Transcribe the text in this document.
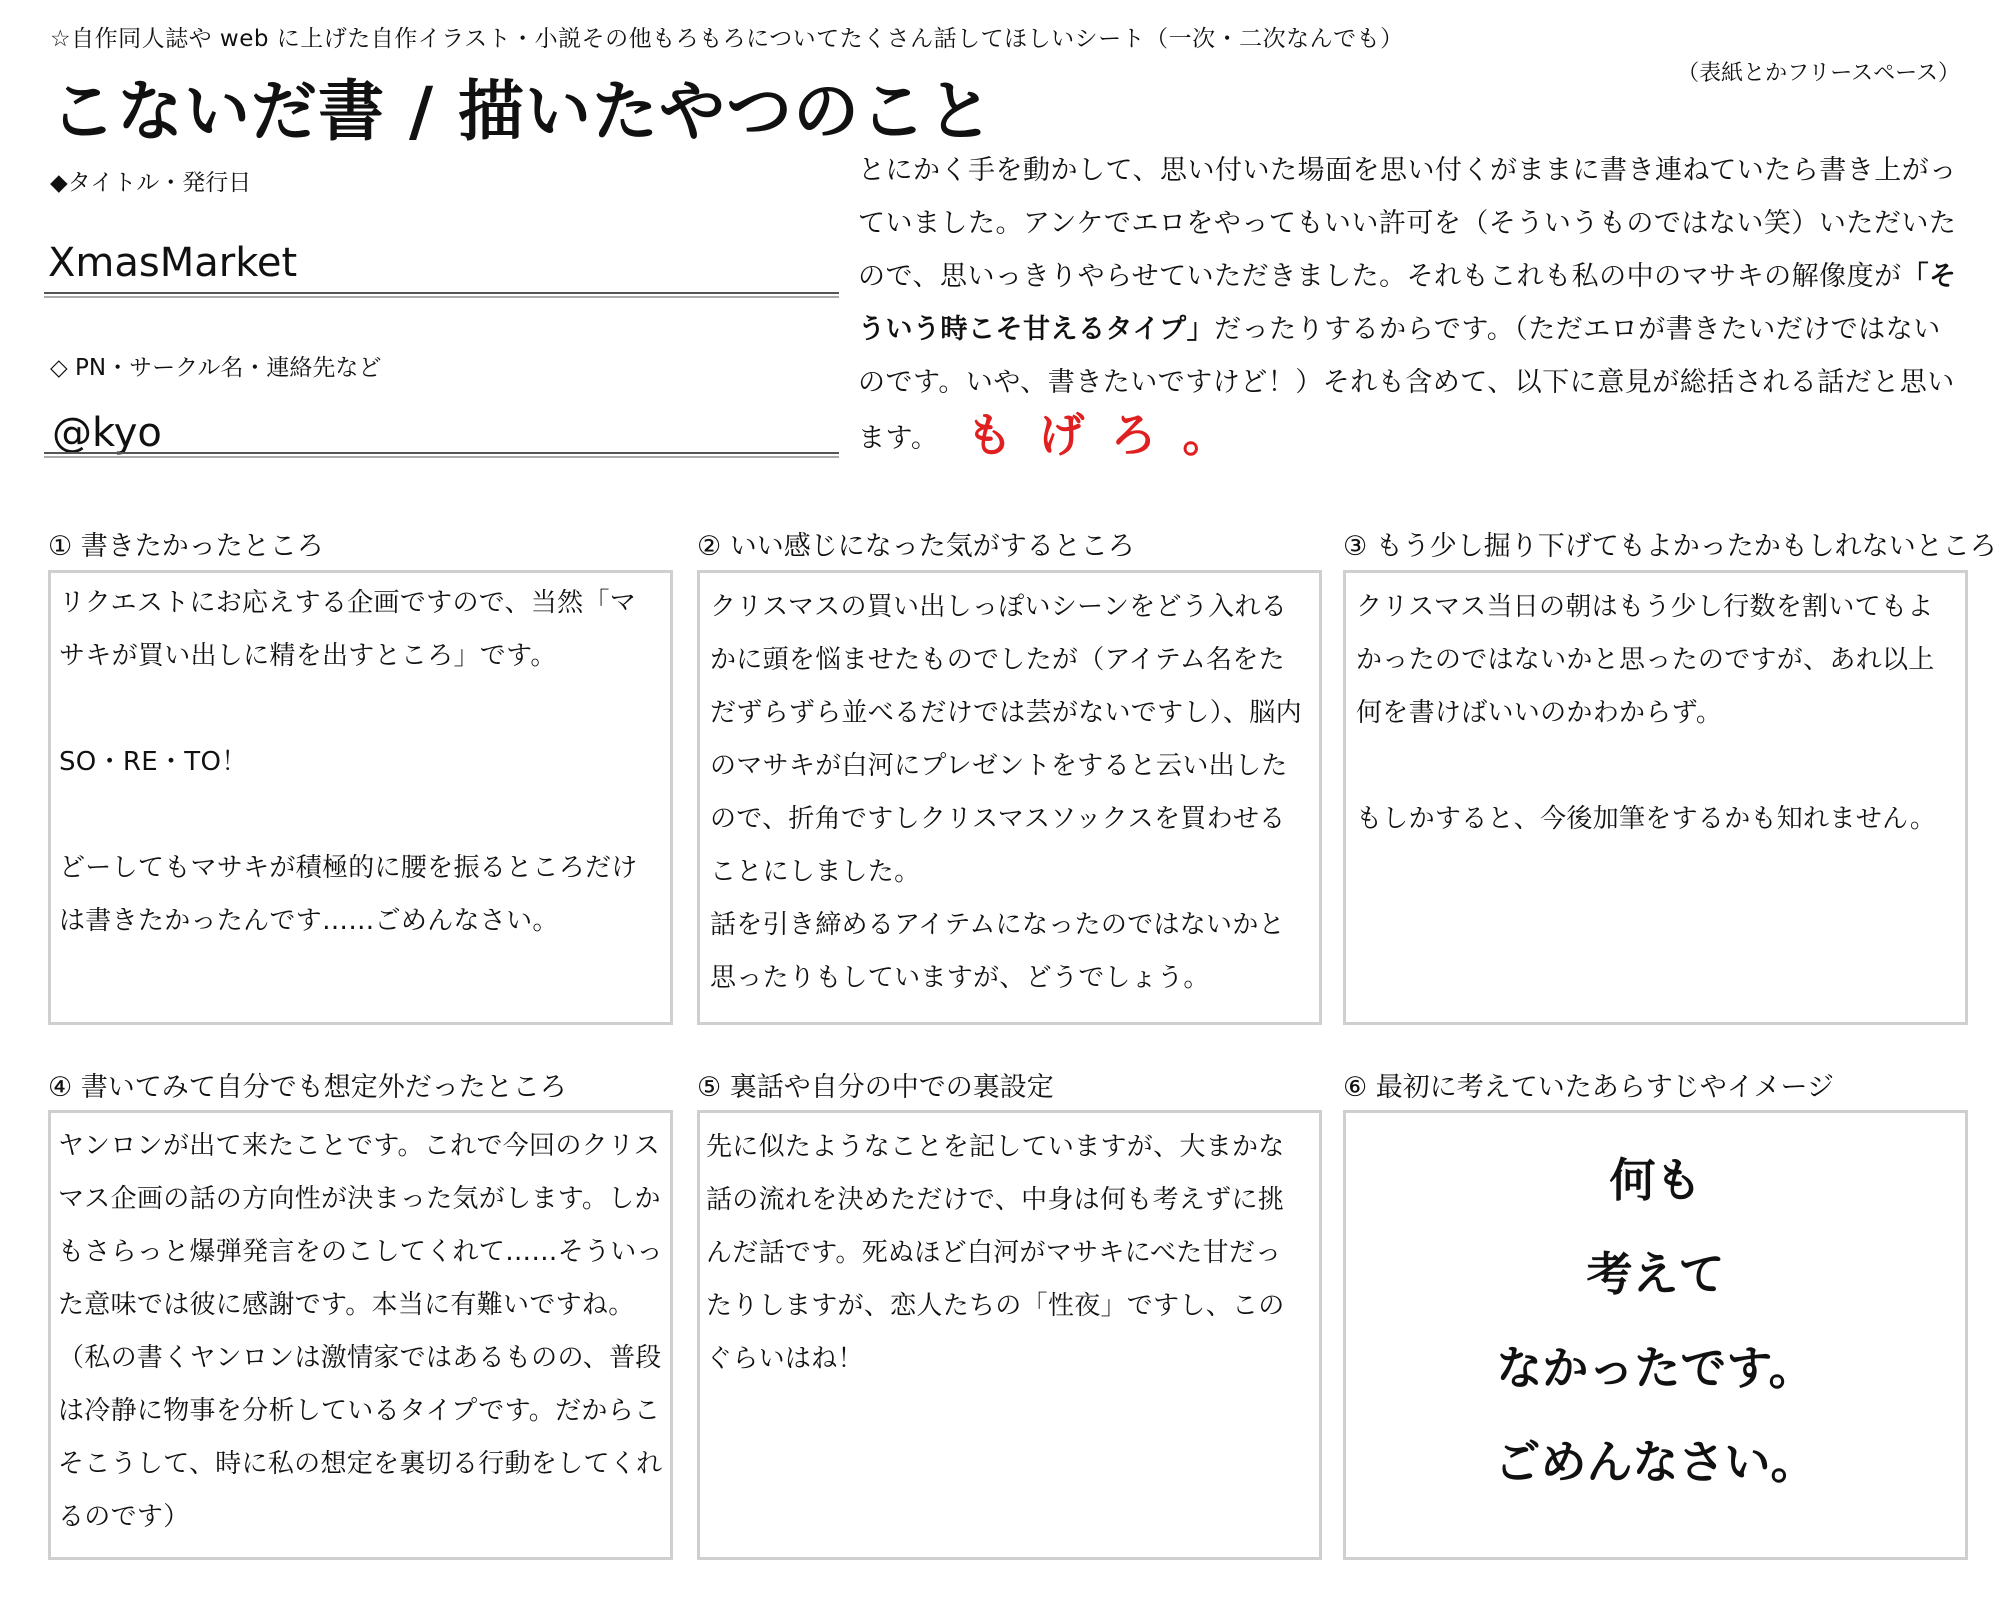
☆自作同人誌や web に上げた自作イラスト・小説その他もろもろについてたくさん話してほしいシート（一次・二次なんでも）
こないだ書 / 描いたやつのこと	（表紙とかフリースペース）
◆タイトル・発行日
XmasMarket
◇ PN・サークル名・連絡先など
@kyo
とにかく手を動かして、思い付いた場面を思い付くがままに書き連ねていたら書き上がっていました。アンケでエロをやってもいい許可を（そういうものではない笑）いただいたので、思いっきりやらせていただきました。それもこれも私の中のマサキの解像度が「そういう時こそ甘えるタイプ」だったりするからです。（ただエロが書きたいだけではないのです。いや、書きたいですけど！）それも含めて、以下に意見が総括される話だと思います。 もげろ。
① 書きたかったところ
リクエストにお応えする企画ですので、当然「マサキが買い出しに精を出すところ」です。

SO・RE・TO！

どーしてもマサキが積極的に腰を振るところだけは書きたかったんです……ごめんなさい。
② いい感じになった気がするところ
クリスマスの買い出しっぽいシーンをどう入れるかに頭を悩ませたものでしたが（アイテム名をただずらずら並べるだけでは芸がないですし）、脳内のマサキが白河にプレゼントをすると云い出したので、折角ですしクリスマスソックスを買わせることにしました。
話を引き締めるアイテムになったのではないかと思ったりもしていますが、どうでしょう。
③ もう少し掘り下げてもよかったかもしれないところ
クリスマス当日の朝はもう少し行数を割いてもよかったのではないかと思ったのですが、あれ以上何を書けばいいのかわからず。

もしかすると、今後加筆をするかも知れません。
④ 書いてみて自分でも想定外だったところ
ヤンロンが出て来たことです。これで今回のクリスマス企画の話の方向性が決まった気がします。しかもさらっと爆弾発言をのこしてくれて……そういった意味では彼に感謝です。本当に有難いですね。
（私の書くヤンロンは激情家ではあるものの、普段は冷静に物事を分析しているタイプです。だからこそこうして、時に私の想定を裏切る行動をしてくれるのです）
⑤ 裏話や自分の中での裏設定
先に似たようなことを記していますが、大まかな話の流れを決めただけで、中身は何も考えずに挑んだ話です。死ぬほど白河がマサキにべた甘だったりしますが、恋人たちの「性夜」ですし、このぐらいはね！
⑥ 最初に考えていたあらすじやイメージ
何も
考えて
なかったです。
ごめんなさい。
